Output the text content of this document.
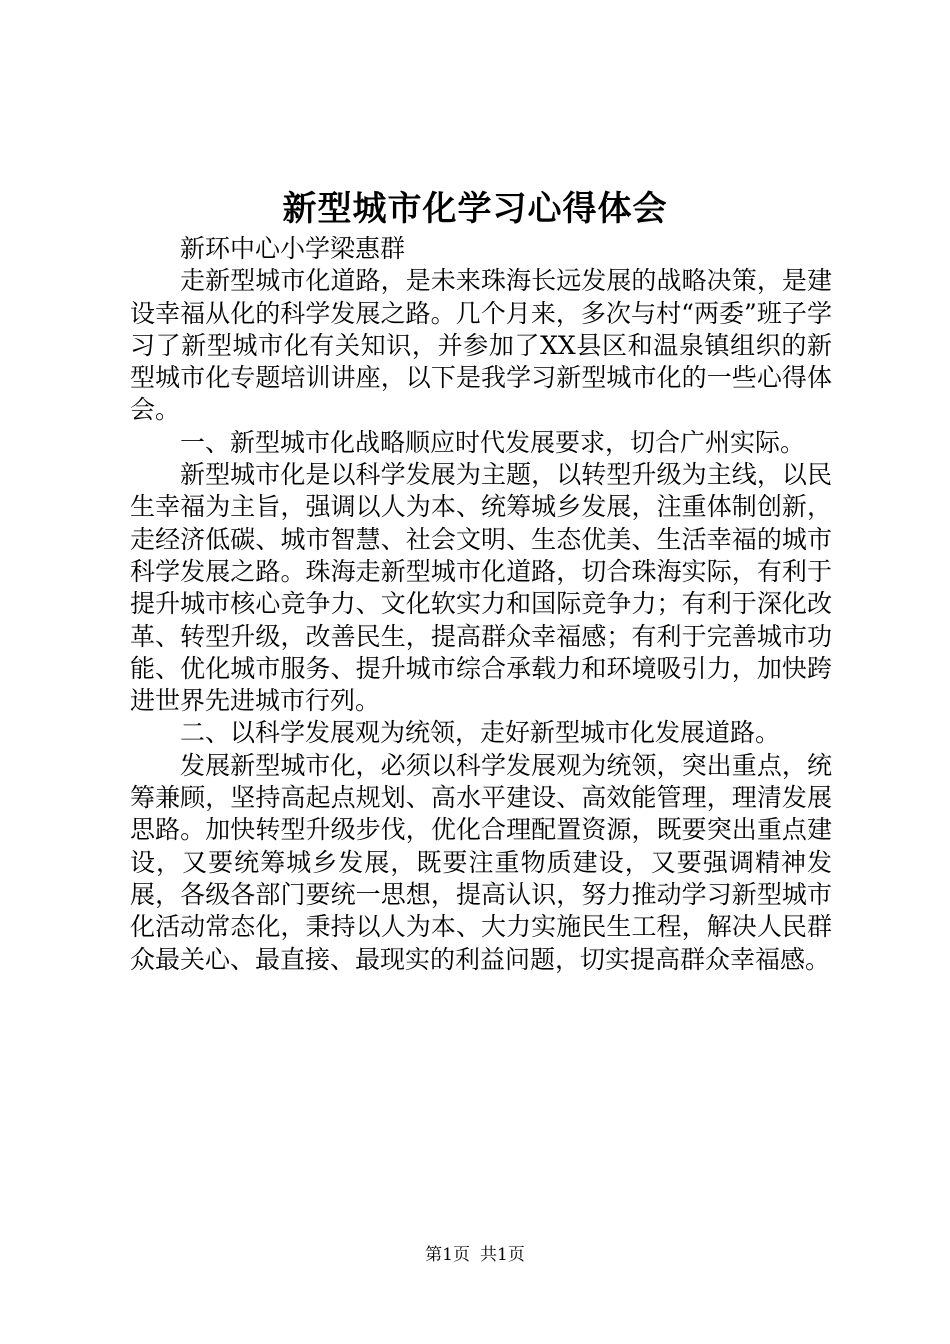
新型城市化学习心得体会

新环中心小学梁惠群

走新型城市化道路，是未来珠海长远发展的战略决策，是建设幸福从化的科学发展之路。几个月来，多次与村“两委”班子学习了新型城市化有关知识，并参加了XX县区和温泉镇组织的新型城市化专题培训讲座，以下是我学习新型城市化的一些心得体会。

一、新型城市化战略顺应时代发展要求，切合广州实际。

新型城市化是以科学发展为主题，以转型升级为主线，以民生幸福为主旨，强调以人为本、统筹城乡发展，注重体制创新，走经济低碳、城市智慧、社会文明、生态优美、生活幸福的城市科学发展之路。珠海走新型城市化道路，切合珠海实际，有利于提升城市核心竞争力、文化软实力和国际竞争力；有利于深化改革、转型升级，改善民生，提高群众幸福感；有利于完善城市功能、优化城市服务、提升城市综合承载力和环境吸引力，加快跨进世界先进城市行列。

二、以科学发展观为统领，走好新型城市化发展道路。

发展新型城市化，必须以科学发展观为统领，突出重点，统筹兼顾，坚持高起点规划、高水平建设、高效能管理，理清发展思路。加快转型升级步伐，优化合理配置资源，既要突出重点建设，又要统筹城乡发展，既要注重物质建设，又要强调精神发展，各级各部门要统一思想，提高认识，努力推动学习新型城市化活动常态化，秉持以人为本、大力实施民生工程，解决人民群众最关心、最直接、最现实的利益问题，切实提高群众幸福感。

第1页 共1页
